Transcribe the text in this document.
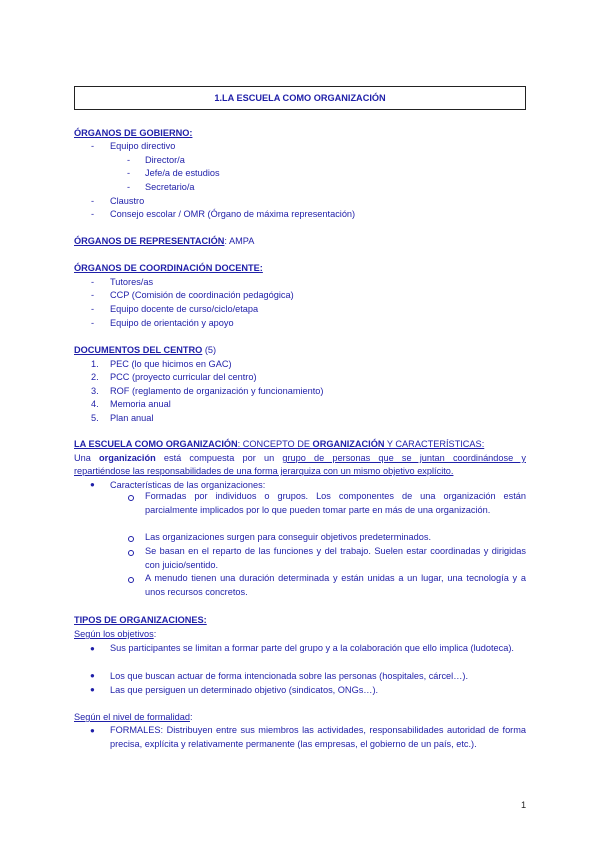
1.LA ESCUELA COMO ORGANIZACIÓN
ÓRGANOS DE GOBIERNO:
- Equipo directivo
- Director/a
- Jefe/a de estudios
- Secretario/a
- Claustro
- Consejo escolar / OMR (Órgano de máxima representación)
ÓRGANOS DE REPRESENTACIÓN: AMPA
ÓRGANOS DE COORDINACIÓN DOCENTE:
- Tutores/as
- CCP (Comisión de coordinación pedagógica)
- Equipo docente de curso/ciclo/etapa
- Equipo de orientación y apoyo
DOCUMENTOS DEL CENTRO (5)
1. PEC (lo que hicimos en GAC)
2. PCC (proyecto curricular del centro)
3. ROF (reglamento de organización y funcionamiento)
4. Memoria anual
5. Plan anual
LA ESCUELA COMO ORGANIZACIÓN: CONCEPTO DE ORGANIZACIÓN Y CARACTERÍSTICAS:
Una organización está compuesta por un grupo de personas que se juntan coordinándose y
repartiéndose las responsabilidades de una forma jerarquiza con un mismo objetivo explícito.
● Características de las organizaciones:
Formadas por individuos o grupos. Los componentes de una organización están parcialmente implicados por lo que pueden tomar parte en más de una organización.
Las organizaciones surgen para conseguir objetivos predeterminados.
Se basan en el reparto de las funciones y del trabajo. Suelen estar coordinadas y dirigidas con juicio/sentido.
A menudo tienen una duración determinada y están unidas a un lugar, una tecnología y a unos recursos concretos.
TIPOS DE ORGANIZACIONES:
Según los objetivos:
● Sus participantes se limitan a formar parte del grupo y a la colaboración que ello implica (ludoteca).
● Los que buscan actuar de forma intencionada sobre las personas (hospitales, cárcel…).
● Las que persiguen un determinado objetivo (sindicatos, ONGs…).
Según el nivel de formalidad:
● FORMALES: Distribuyen entre sus miembros las actividades, responsabilidades autoridad de forma precisa, explícita y relativamente permanente (las empresas, el gobierno de un país, etc.).
1
